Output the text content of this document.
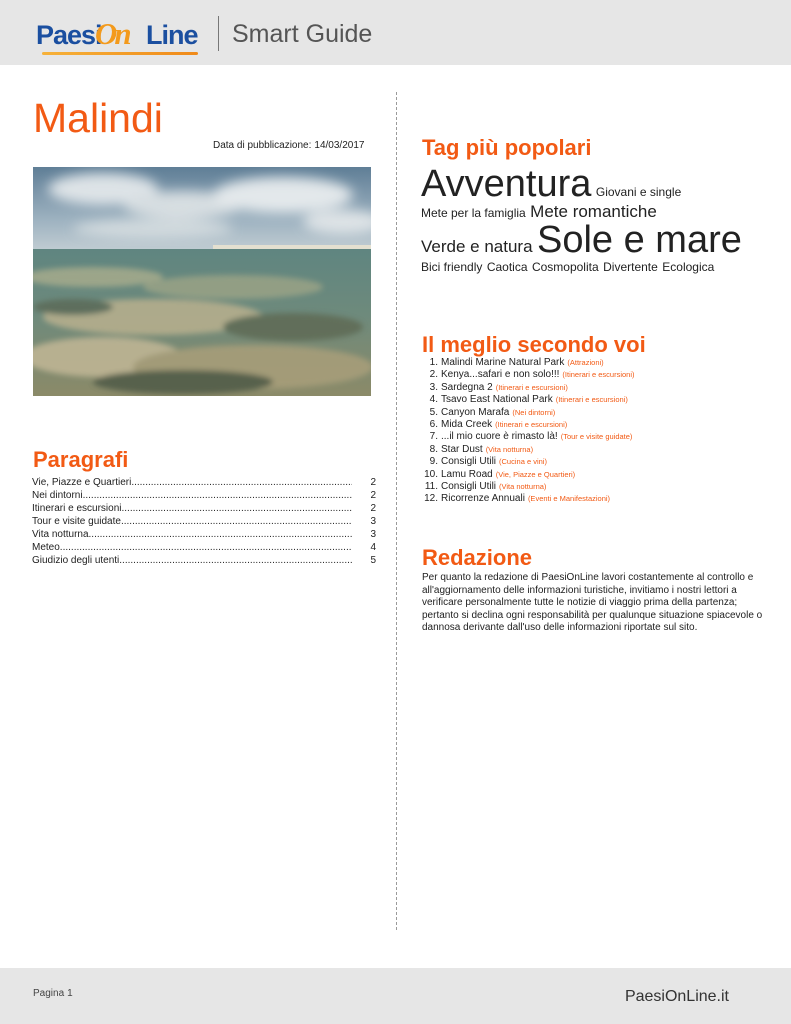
Paesi
On Line Smart Guide
Malindi
Data di pubblicazione: 14/03/2017
Paragrafi
Vie, Piazze e Quartieri .....	2
Nei dintorni .....	2
Itinerari e escursioni .....	2
Tour e visite guidate .....	3
Vita notturna .....	3
Meteo .....	4
Giudizio degli utenti .....	5
Tag più popolari
Avventura Giovani e single Mete per la famiglia Mete romantiche Verde e natura Sole e mare Bici friendly Caotica Cosmopolita Divertente Ecologica
Il meglio secondo voi
1. Malindi Marine Natural Park (Attrazioni)
2. Kenya...safari e non solo!!! (Itinerari e escursioni)
3. Sardegna 2 (Itinerari e escursioni)
4. Tsavo East National Park (Itinerari e escursioni)
5. Canyon Marafa (Nei dintorni)
6. Mida Creek (Itinerari e escursioni)
7. ...il mio cuore è rimasto là! (Tour e visite guidate)
8. Star Dust (Vita notturna)
9. Consigli Utili (Cucina e vini)
10. Lamu Road (Vie, Piazze e Quartieri)
11. Consigli Utili (Vita notturna)
12. Ricorrenze Annuali (Eventi e Manifestazioni)
Redazione

Per quanto la redazione di PaesiOnLine lavori costantemente al controllo e all'aggiornamento delle informazioni turistiche, invitiamo i nostri lettori a verificare personalmente tutte le notizie di viaggio prima della partenza; pertanto si declina ogni responsabilità per qualunque situazione spiacevole o dannosa derivante dall'uso delle informazioni riportate sul sito.

Pagina 1	PaesiOnLine.it
